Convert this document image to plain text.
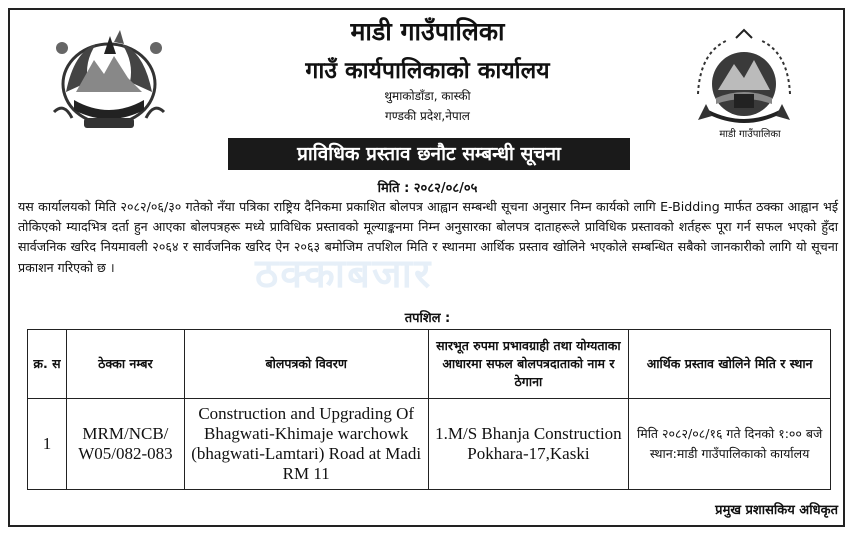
माडी गाउँपालिका
माडी गाउँपालिका
गाउँ कार्यपालिकाको कार्यालय
थुमाकोडाँडा, कास्की
गण्डकी प्रदेश,नेपाल
प्राविधिक प्रस्ताव छनौट सम्बन्धी सूचना
मिति : २०८२/०८/०५
ठक्काबजार
यस कार्यालयको मिति २०८२/०६/३० गतेको नँया पत्रिका राष्ट्रिय दैनिकमा प्रकाशित बोलपत्र आह्वान सम्बन्धी सूचना अनुसार निम्न कार्यको लागि E-Bidding मार्फत ठक्का आह्वान भई तोकिएको म्यादभित्र दर्ता हुन आएका बोलपत्रहरू मध्ये प्राविधिक प्रस्तावको मूल्याङ्कनमा निम्न अनुसारका बोलपत्र दाताहरूले प्राविधिक प्रस्तावको शर्तहरू पूरा गर्न सफल भएको हुँदा सार्वजनिक खरिद नियमावली २०६४ र सार्वजनिक खरिद ऐन २०६३ बमोजिम तपशिल मिति र स्थानमा आर्थिक प्रस्ताव खोलिने भएकोले सम्बन्धित सबैको जानकारीको लागि यो सूचना प्रकाशन गरिएको छ ।
तपशिल :
क्र. स	ठेक्का नम्बर	बोलपत्रको विवरण	सारभूत रुपमा प्रभावग्राही तथा योग्यताका आधारमा सफल बोलपत्रदाताको नाम र ठेगाना	आर्थिक प्रस्ताव खोलिने मिति र स्थान
1	MRM/NCB/ W05/082-083	Construction and Upgrading Of Bhagwati-Khimaje warchowk (bhagwati-Lamtari) Road at Madi RM 11	1.M/S Bhanja Construction Pokhara-17,Kaski	मिति २०८२/०८/१६ गते दिनको १:०० बजे स्थान:माडी गाउँपालिकाको कार्यालय
प्रमुख प्रशासकिय अधिकृत
